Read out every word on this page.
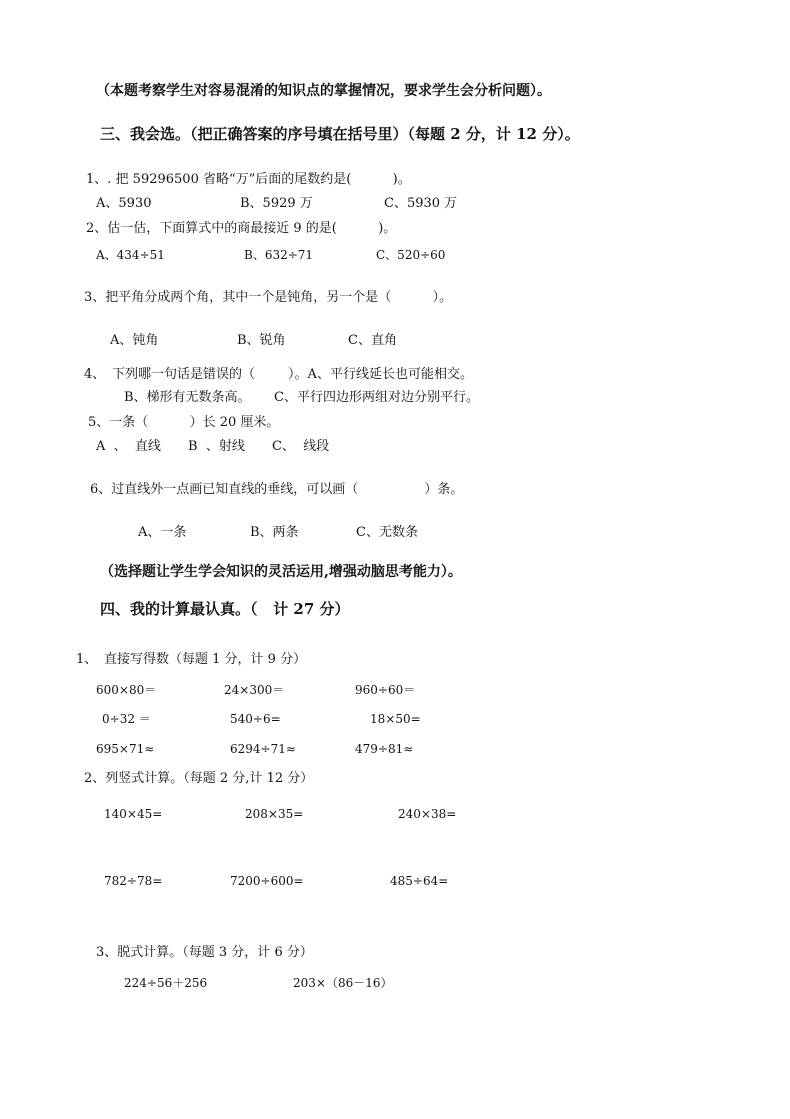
（本题考察学生对容易混淆的知识点的掌握情况，要求学生会分析问题）。
三、我会选。（把正确答案的序号填在括号里）（每题 2 分，计 12 分）。
1、. 把 59296500 省略“万”后面的尾数约是(          )。
A、5930	B、5929 万	C、5930 万
2、估一估，下面算式中的商最接近 9 的是(          )。
A、434÷51	B、632÷71	C、520÷60
3、把平角分成两个角，其中一个是钝角，另一个是（          ）。
A、钝角	B、锐角	C、直角
4、 下列哪一句话是错误的（        ）。A、平行线延长也可能相交。
B、梯形有无数条高。 C、平行四边形两组对边分别平行。
5、一条（          ）长 20 厘米。
A  、  直线 B  、射线 C、  线段
6、过直线外一点画已知直线的垂线，可以画（                ）条。
A、一条	B、两条	C、无数条
（选择题让学生学会知识的灵活运用,增强动脑思考能力）。
四、我的计算最认真。（   计 27 分）
1、 直接写得数（每题 1 分，计 9 分）
600×80＝	24×300＝	960÷60＝
0÷32 ＝	540÷6=	18×50=
695×71≈	6294÷71≈	479÷81≈
2、列竖式计算。（每题 2 分,计 12 分）
140×45=	208×35=	240×38=
782÷78=	7200÷600=	485÷64=
3、脱式计算。（每题 3 分，计 6 分）
224÷56＋256	203×（86－16）
